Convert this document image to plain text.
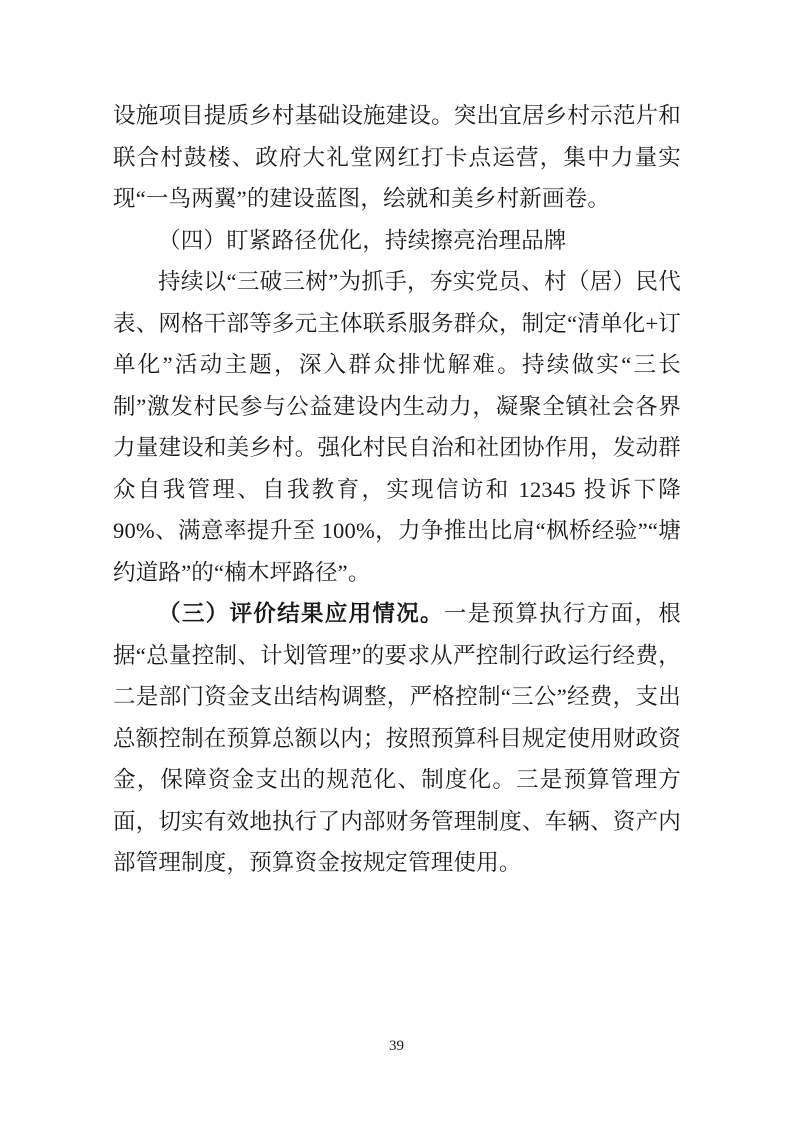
设施项目提质乡村基础设施建设。突出宜居乡村示范片和联合村鼓楼、政府大礼堂网红打卡点运营，集中力量实现“一鸟两翼”的建设蓝图，绘就和美乡村新画卷。

（四）盯紧路径优化，持续擦亮治理品牌

持续以“三破三树”为抓手，夯实党员、村（居）民代表、网格干部等多元主体联系服务群众，制定“清单化+订单化”活动主题，深入群众排忧解难。持续做实“三长制”激发村民参与公益建设内生动力，凝聚全镇社会各界力量建设和美乡村。强化村民自治和社团协作用，发动群众自我管理、自我教育，实现信访和 12345 投诉下降 90%、满意率提升至 100%，力争推出比肩“枫桥经验”“塘约道路”的“楠木坪路径”。

（三）评价结果应用情况。一是预算执行方面，根据“总量控制、计划管理”的要求从严控制行政运行经费，二是部门资金支出结构调整，严格控制“三公”经费，支出总额控制在预算总额以内；按照预算科目规定使用财政资金，保障资金支出的规范化、制度化。三是预算管理方面，切实有效地执行了内部财务管理制度、车辆、资产内部管理制度，预算资金按规定管理使用。

39
